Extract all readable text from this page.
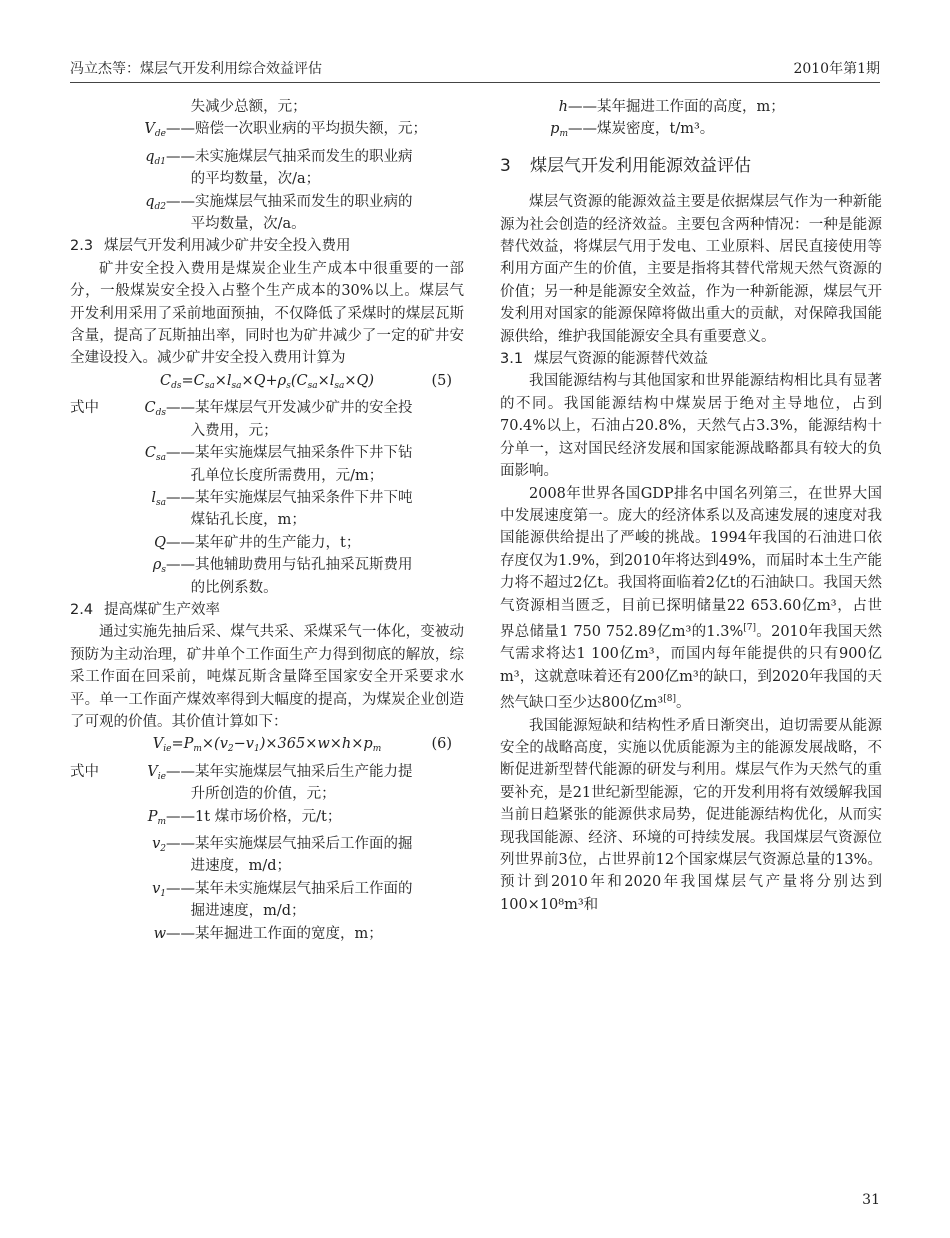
冯立杰等：煤层气开发利用综合效益评估	2010年第1期
失减少总额，元；
$V_{de}$ ——赔偿一次职业病的平均损失额，元；
$q_{d1}$ ——未实施煤层气抽采而发生的职业病
的平均数量，次/a；
$q_{d2}$ ——实施煤层气抽采而发生的职业病的
平均数量，次/a。
2.3 煤层气开发利用减少矿井安全投入费用

矿井安全投入费用是煤炭企业生产成本中很重要的一部分，一般煤炭安全投入占整个生产成本的30%以上。煤层气开发利用采用了采前地面预抽，不仅降低了采煤时的煤层瓦斯含量，提高了瓦斯抽出率，同时也为矿井减少了一定的矿井安全建设投入。减少矿井安全投入费用计算为

$C_{ds}=C_{sa}\times l_{sa}\times Q+\rho_s(C_{sa}\times l_{sa}\times Q)$	(5)
式中	$C_{ds}$ ——某年煤层气开发减少矿井的安全投
入费用，元；
$C_{sa}$ ——某年实施煤层气抽采条件下井下钻
孔单位长度所需费用，元/m；
$l_{sa}$ ——某年实施煤层气抽采条件下井下吨
煤钻孔长度，m；
Q ——某年矿井的生产能力，t；
$\rho_s$ ——其他辅助费用与钻孔抽采瓦斯费用
的比例系数。
2.4 提高煤矿生产效率

通过实施先抽后采、煤气共采、采煤采气一体化，变被动预防为主动治理，矿井单个工作面生产力得到彻底的解放，综采工作面在回采前，吨煤瓦斯含量降至国家安全开采要求水平。单一工作面产煤效率得到大幅度的提高，为煤炭企业创造了可观的价值。其价值计算如下：

$V_{ie}=P_m\times(v_2-v_1)\times 365\times w\times h\times p_m$	(6)
式中	$V_{ie}$ ——某年实施煤层气抽采后生产能力提
升所创造的价值，元；
$P_m$ ——1t 煤市场价格，元/t；
$v_2$ ——某年实施煤层气抽采后工作面的掘
进速度，m/d；
$v_1$ ——某年未实施煤层气抽采后工作面的
掘进速度，m/d；
w ——某年掘进工作面的宽度，m；
h ——某年掘进工作面的高度，m；
$p_m$ ——煤炭密度，t/m³。
3 煤层气开发利用能源效益评估

煤层气资源的能源效益主要是依据煤层气作为一种新能源为社会创造的经济效益。主要包含两种情况：一种是能源替代效益，将煤层气用于发电、工业原料、居民直接使用等利用方面产生的价值，主要是指将其替代常规天然气资源的价值；另一种是能源安全效益，作为一种新能源，煤层气开发利用对国家的能源保障将做出重大的贡献，对保障我国能源供给，维护我国能源安全具有重要意义。

3.1 煤层气资源的能源替代效益

我国能源结构与其他国家和世界能源结构相比具有显著的不同。我国能源结构中煤炭居于绝对主导地位，占到70.4%以上，石油占20.8%，天然气占3.3%，能源结构十分单一，这对国民经济发展和国家能源战略都具有较大的负面影响。

2008年世界各国GDP排名中国名列第三，在世界大国中发展速度第一。庞大的经济体系以及高速发展的速度对我国能源供给提出了严峻的挑战。1994年我国的石油进口依存度仅为1.9%，到2010年将达到49%，而届时本土生产能力将不超过2亿t。我国将面临着2亿t的石油缺口。我国天然气资源相当匮乏，目前已探明储量22 653.60亿m³，占世界总储量1 750 752.89亿m³的1.3%[7]。2010年我国天然气需求将达1 100亿m³，而国内每年能提供的只有900亿m³，这就意味着还有200亿m³的缺口，到2020年我国的天然气缺口至少达800亿m³[8]。

我国能源短缺和结构性矛盾日渐突出，迫切需要从能源安全的战略高度，实施以优质能源为主的能源发展战略，不断促进新型替代能源的研发与利用。煤层气作为天然气的重要补充，是21世纪新型能源，它的开发利用将有效缓解我国当前日趋紧张的能源供求局势，促进能源结构优化，从而实现我国能源、经济、环境的可持续发展。我国煤层气资源位列世界前3位，占世界前12个国家煤层气资源总量的13%。预计到2010年和2020年我国煤层气产量将分别达到100×10⁸m³和

31
